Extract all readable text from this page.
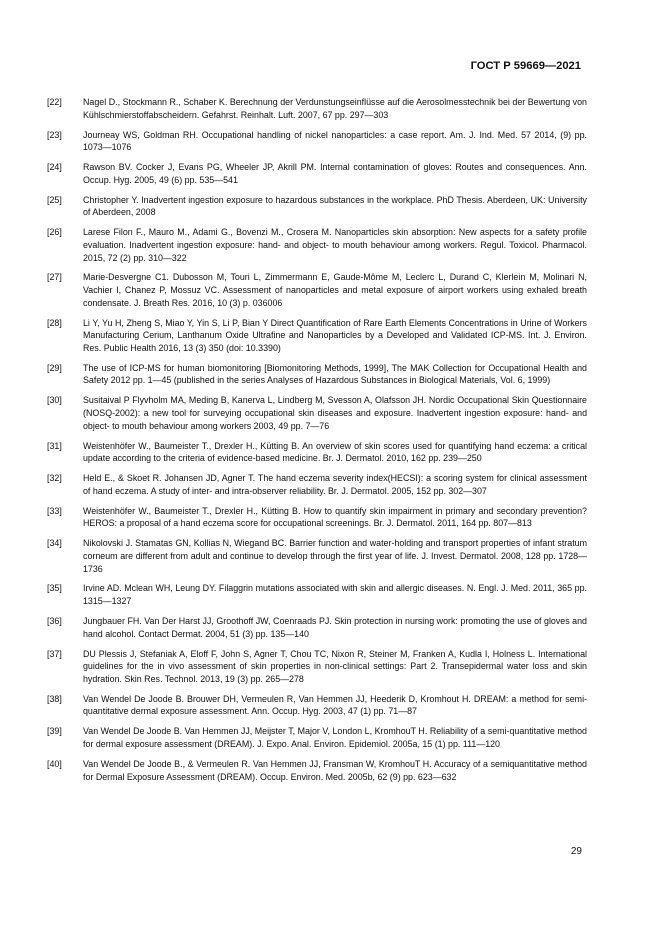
ГОСТ Р 59669—2021
[22]	Nagel D., Stockmann R., Schaber K. Berechnung der Verdunstungseinflüsse auf die Aerosolmesstechnik bei der Bewertung von Kühlschmierstoffabscheidern. Gefahrst. Reinhalt. Luft. 2007, 67 pp. 297—303
[23]	Journeay WS, Goldman RH. Occupational handling of nickel nanoparticles: a case report. Am. J. Ind. Med. 57 2014, (9) pp. 1073—1076
[24]	Rawson BV. Cocker J, Evans PG, Wheeler JP, Akrill PM. Internal contamination of gloves: Routes and consequences. Ann. Occup. Hyg. 2005, 49 (6) pp. 535—541
[25]	Christopher Y. Inadvertent ingestion exposure to hazardous substances in the workplace. PhD Thesis. Aberdeen, UK: University of Aberdeen, 2008
[26]	Larese Filon F., Mauro M., Adami G., Bovenzi M., Crosera M. Nanoparticles skin absorption: New aspects for a safety profile evaluation. Inadvertent ingestion exposure: hand- and object- to mouth behaviour among workers. Regul. Toxicol. Pharmacol. 2015, 72 (2) pp. 310—322
[27]	Marie-Desvergne C1. Dubosson M, Touri L, Zimmermann E, Gaude-Môme M, Leclerc L, Durand C, Klerlein M, Molinari N, Vachier I, Chanez P, Mossuz VC. Assessment of nanoparticles and metal exposure of airport workers using exhaled breath condensate. J. Breath Res. 2016, 10 (3) p. 036006
[28]	Li Y, Yu H, Zheng S, Miao Y, Yin S, Li P, Bian Y Direct Quantification of Rare Earth Elements Concentrations in Urine of Workers Manufacturing Cerium, Lanthanum Oxide Ultrafine and Nanoparticles by a Developed and Validated ICP-MS. Int. J. Environ. Res. Public Health 2016, 13 (3) 350 (doi: 10.3390)
[29]	The use of ICP-MS for human biomonitoring [Biomonitoring Methods, 1999], The MAK Collection for Occupational Health and Safety 2012 pp. 1—45 (published in the series Analyses of Hazardous Substances in Biological Materials, Vol. 6, 1999)
[30]	Susitaival P Flyvholm MA, Meding B, Kanerva L, Lindberg M, Svesson A, Olafsson JH. Nordic Occupational Skin Questionnaire (NOSQ-2002): a new tool for surveying occupational skin diseases and exposure. Inadvertent ingestion exposure: hand- and object- to mouth behaviour among workers 2003, 49 pp. 7—76
[31]	Weistenhöfer W., Baumeister T., Drexler H., Kütting B. An overview of skin scores used for quantifying hand eczema: a critical update according to the criteria of evidence-based medicine. Br. J. Dermatol. 2010, 162 pp. 239—250
[32]	Held E., & Skoet R. Johansen JD, Agner T. The hand eczema severity index(HECSI): a scoring system for clinical assessment of hand eczema. A study of inter- and intra-observer reliability. Br. J. Dermatol. 2005, 152 pp. 302—307
[33]	Weistenhöfer W., Baumeister T., Drexler H., Kütting B. How to quantify skin impairment in primary and secondary prevention? HEROS: a proposal of a hand eczema score for occupational screenings. Br. J. Dermatol. 2011, 164 pp. 807—813
[34]	Nikolovski J. Stamatas GN, Kollias N, Wiegand BC. Barrier function and water-holding and transport properties of infant stratum corneum are different from adult and continue to develop through the first year of life. J. Invest. Dermatol. 2008, 128 pp. 1728—1736
[35]	Irvine AD. Mclean WH, Leung DY. Filaggrin mutations associated with skin and allergic diseases. N. Engl. J. Med. 2011, 365 pp. 1315—1327
[36]	Jungbauer FH. Van Der Harst JJ, Groothoff JW, Coenraads PJ. Skin protection in nursing work: promoting the use of gloves and hand alcohol. Contact Dermat. 2004, 51 (3) pp. 135—140
[37]	DU Plessis J, Stefaniak A, Eloff F, John S, Agner T, Chou TC, Nixon R, Steiner M, Franken A, Kudla I, Holness L. International guidelines for the in vivo assessment of skin properties in non-clinical settings: Part 2. Transepidermal water loss and skin hydration. Skin Res. Technol. 2013, 19 (3) pp. 265—278
[38]	Van Wendel De Joode B. Brouwer DH, Vermeulen R, Van Hemmen JJ, Heederik D, Kromhout H. DREAM: a method for semi-quantitative dermal exposure assessment. Ann. Occup. Hyg. 2003, 47 (1) pp. 71—87
[39]	Van Wendel De Joode B. Van Hemmen JJ, Meijster T, Major V, London L, KromhouT H. Reliability of a semi-quantitative method for dermal exposure assessment (DREAM). J. Expo. Anal. Environ. Epidemiol. 2005a, 15 (1) pp. 111—120
[40]	Van Wendel De Joode B., & Vermeulen R. Van Hemmen JJ, Fransman W, KromhouT H. Accuracy of a semiquantitative method for Dermal Exposure Assessment (DREAM). Occup. Environ. Med. 2005b, 62 (9) pp. 623—632
29
